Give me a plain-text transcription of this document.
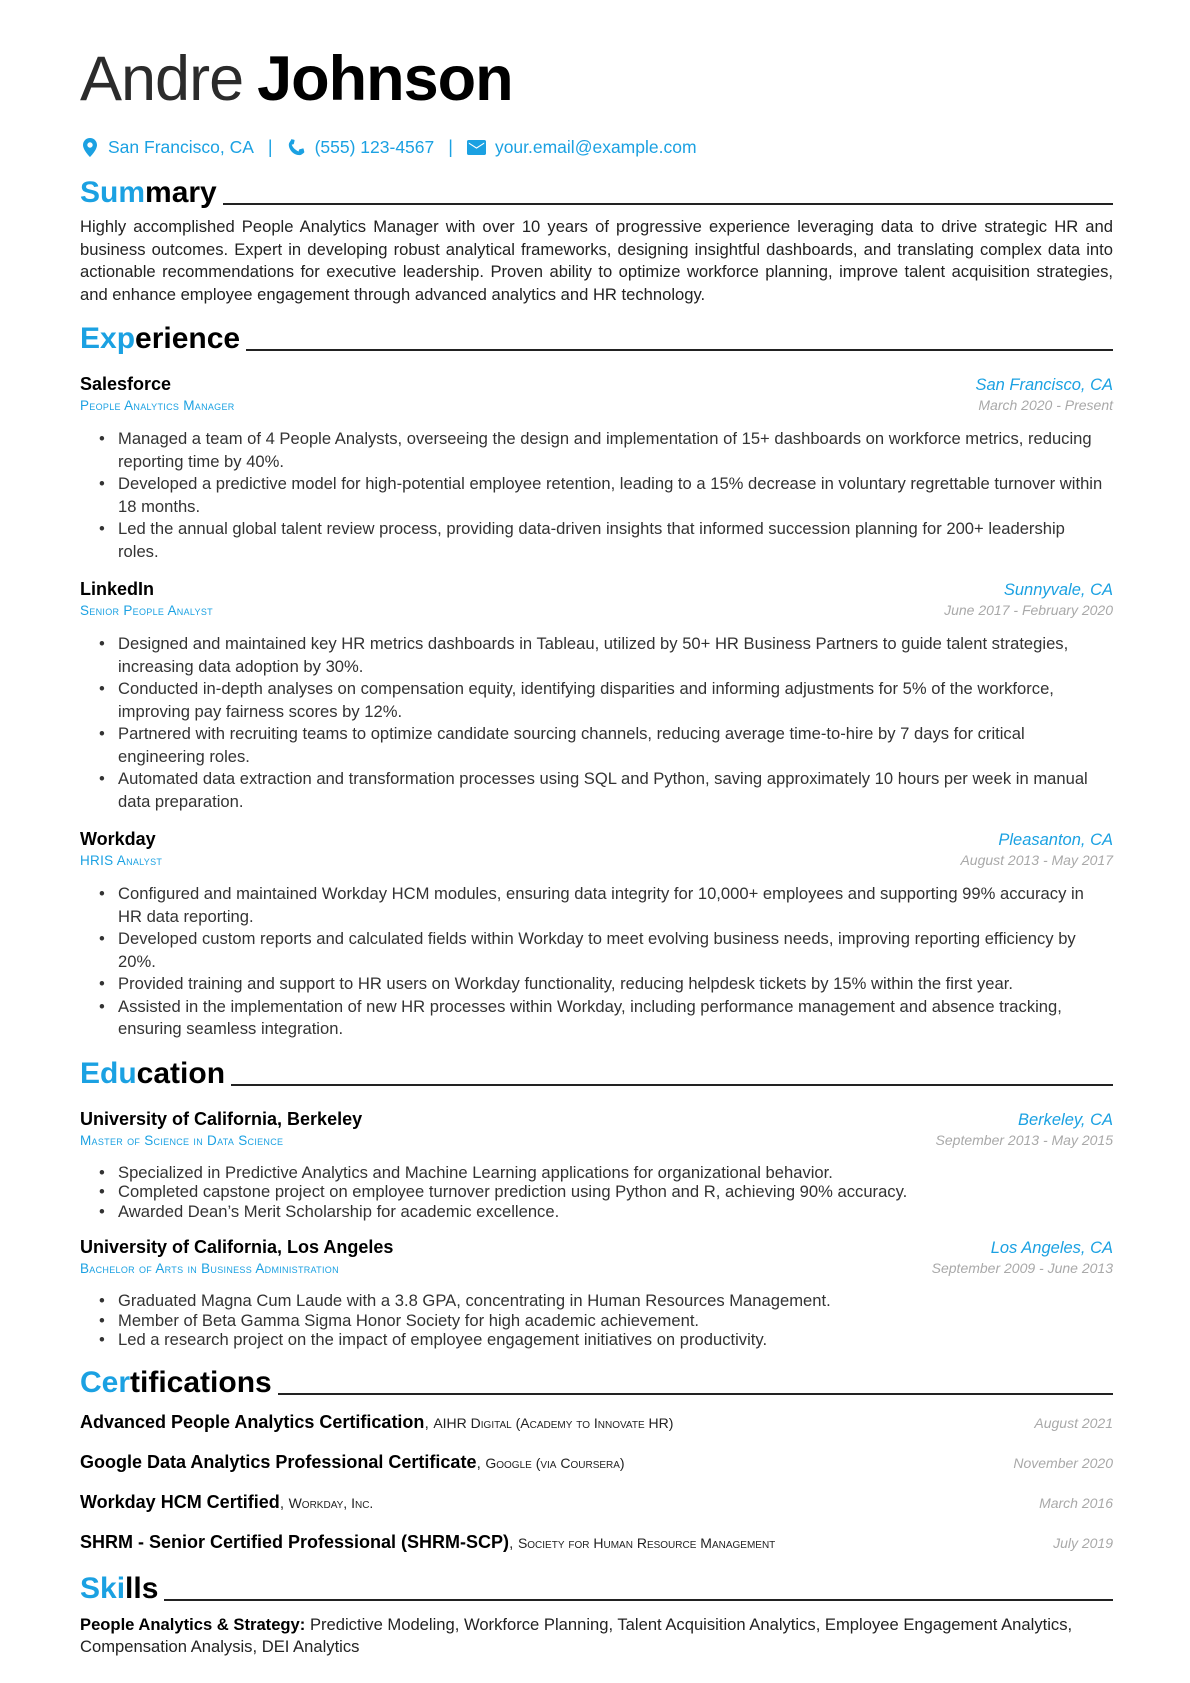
Andre Johnson
San Francisco, CA | (555) 123-4567 | your.email@example.com
Summary
Highly accomplished People Analytics Manager with over 10 years of progressive experience leveraging data to drive strategic HR and business outcomes. Expert in developing robust analytical frameworks, designing insightful dashboards, and translating complex data into actionable recommendations for executive leadership. Proven ability to optimize workforce planning, improve talent acquisition strategies, and enhance employee engagement through advanced analytics and HR technology.
Experience
Salesforce	San Francisco, CA
People Analytics Manager	March 2020 - Present
• Managed a team of 4 People Analysts, overseeing the design and implementation of 15+ dashboards on workforce metrics, reducing reporting time by 40%.
• Developed a predictive model for high-potential employee retention, leading to a 15% decrease in voluntary regrettable turnover within 18 months.
• Led the annual global talent review process, providing data-driven insights that informed succession planning for 200+ leadership roles.
LinkedIn	Sunnyvale, CA
Senior People Analyst	June 2017 - February 2020
• Designed and maintained key HR metrics dashboards in Tableau, utilized by 50+ HR Business Partners to guide talent strategies, increasing data adoption by 30%.
• Conducted in-depth analyses on compensation equity, identifying disparities and informing adjustments for 5% of the workforce, improving pay fairness scores by 12%.
• Partnered with recruiting teams to optimize candidate sourcing channels, reducing average time-to-hire by 7 days for critical engineering roles.
• Automated data extraction and transformation processes using SQL and Python, saving approximately 10 hours per week in manual data preparation.
Workday	Pleasanton, CA
HRIS Analyst	August 2013 - May 2017
• Configured and maintained Workday HCM modules, ensuring data integrity for 10,000+ employees and supporting 99% accuracy in HR data reporting.
• Developed custom reports and calculated fields within Workday to meet evolving business needs, improving reporting efficiency by 20%.
• Provided training and support to HR users on Workday functionality, reducing helpdesk tickets by 15% within the first year.
• Assisted in the implementation of new HR processes within Workday, including performance management and absence tracking, ensuring seamless integration.
Education
University of California, Berkeley	Berkeley, CA
Master of Science in Data Science	September 2013 - May 2015
• Specialized in Predictive Analytics and Machine Learning applications for organizational behavior.
• Completed capstone project on employee turnover prediction using Python and R, achieving 90% accuracy.
• Awarded Dean’s Merit Scholarship for academic excellence.
University of California, Los Angeles	Los Angeles, CA
Bachelor of Arts in Business Administration	September 2009 - June 2013
• Graduated Magna Cum Laude with a 3.8 GPA, concentrating in Human Resources Management.
• Member of Beta Gamma Sigma Honor Society for high academic achievement.
• Led a research project on the impact of employee engagement initiatives on productivity.
Certifications
Advanced People Analytics Certification, AIHR Digital (Academy to Innovate HR)	August 2021
Google Data Analytics Professional Certificate, Google (via Coursera)	November 2020
Workday HCM Certified, Workday, Inc.	March 2016
SHRM - Senior Certified Professional (SHRM-SCP), Society for Human Resource Management	July 2019
Skills
People Analytics & Strategy: Predictive Modeling, Workforce Planning, Talent Acquisition Analytics, Employee Engagement Analytics, Compensation Analysis, DEI Analytics
